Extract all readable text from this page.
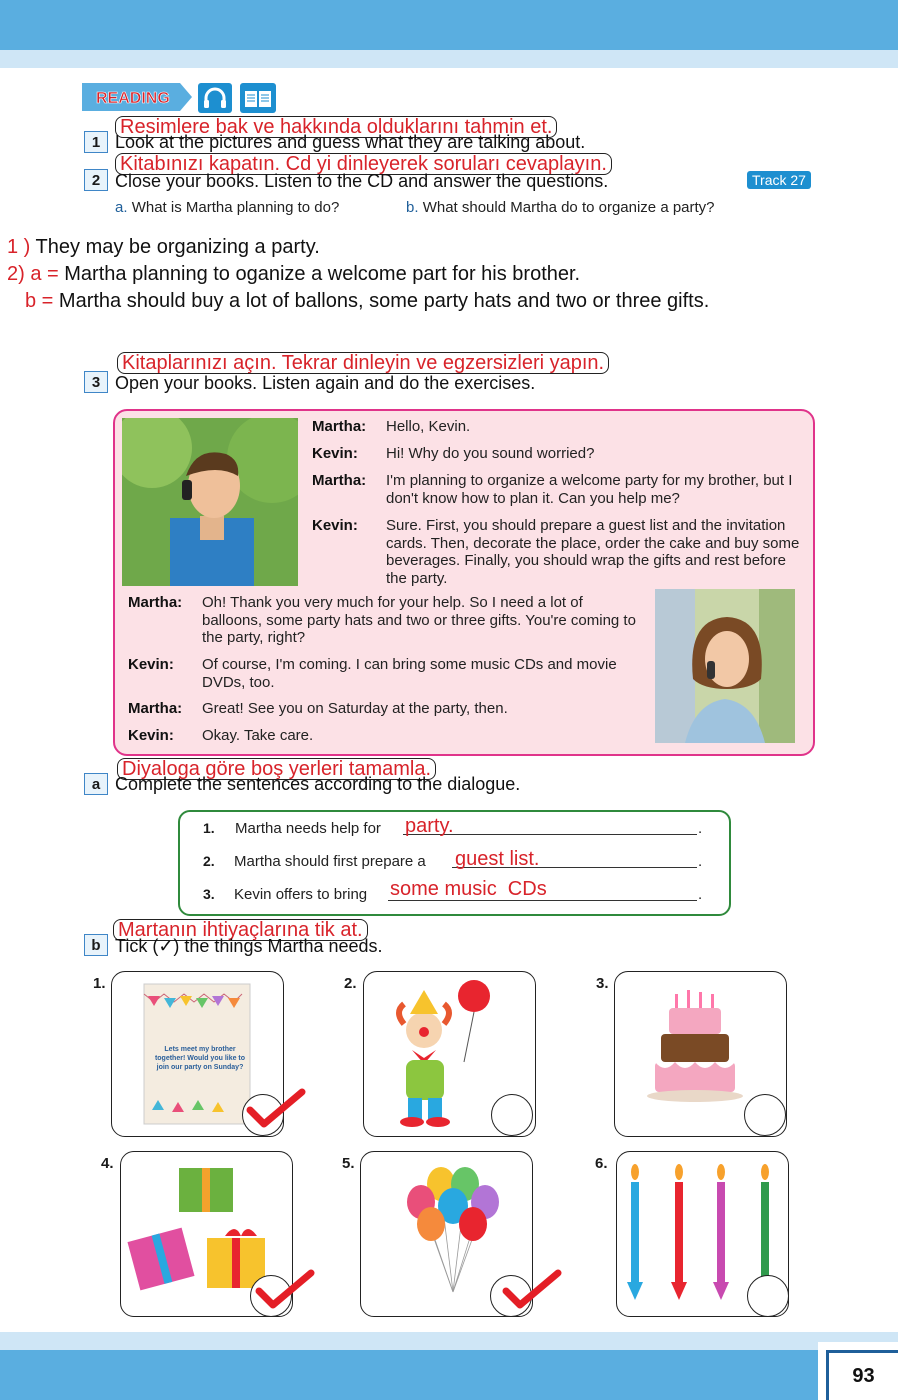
93
READING
Resimlere bak ve hakkında olduklarını tahmin et.
1 Look at the pictures and guess what they are talking about.
Kitabınızı kapatın. Cd yi dinleyerek soruları cevaplayın.
2 Close your books. Listen to the CD and answer the questions.	Track 27
a. What is Martha planning to do?	b. What should Martha do to organize a party?
1 ) They may be organizing a party.
2) a = Martha planning to oganize a welcome part for his brother.
b = Martha should buy a lot of ballons, some party hats and two or three gifts.
Kitaplarınızı açın. Tekrar dinleyin ve egzersizleri yapın.
3 Open your books. Listen again and do the exercises.
Martha: Hello, Kevin.
Kevin: Hi! Why do you sound worried?
Martha: I'm planning to organize a welcome party for my brother, but I don't know how to plan it. Can you help me?
Kevin: Sure. First, you should prepare a guest list and the invitation cards. Then, decorate the place, order the cake and buy some beverages. Finally, you should wrap the gifts and rest before the party.
Martha: Oh! Thank you very much for your help. So I need a lot of balloons, some party hats and two or three gifts. You're coming to the party, right?
Kevin: Of course, I'm coming. I can bring some music CDs and movie DVDs, too.
Martha: Great! See you on Saturday at the party, then.
Kevin: Okay. Take care.
Diyaloga göre boş yerleri tamamla.
a Complete the sentences according to the dialogue.
1. Martha needs help for party.	.
2. Martha should first prepare a guest list.	.
3. Kevin offers to bring some music  CDs	.
Martanın ihtiyaçlarına tik at.
b Tick (✓) the things Martha needs.
1.
Lets meet my brother together! Would you like to join our party on Sunday?
2.	3.
4.	5.	6.
